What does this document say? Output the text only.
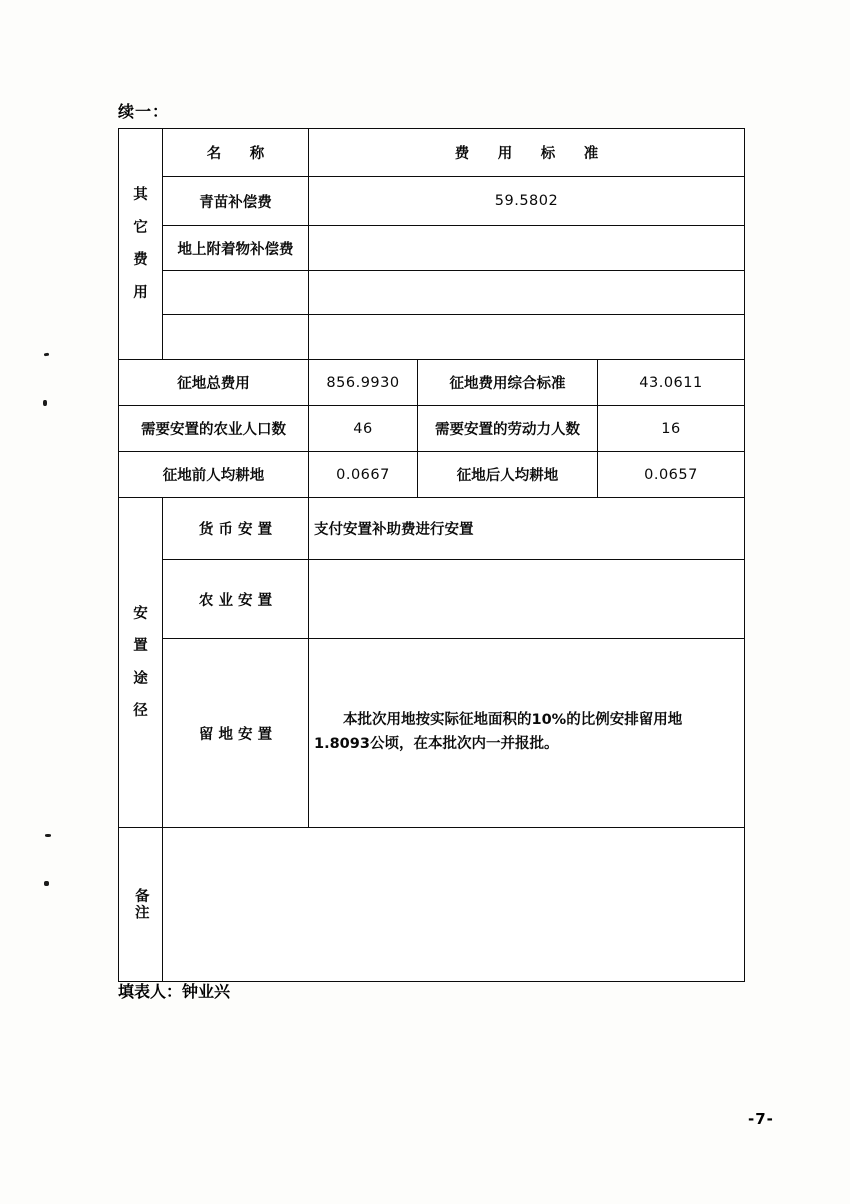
续一：
其
它
费
用	名　称	费　用　标　准		
	青苗补偿费	59.5802		
	地上附着物补偿费			

征地总费用		856.9930	征地费用综合标准	43.0611
需要安置的农业人口数		46	需要安置的劳动力人数	16
征地前人均耕地		0.0667	征地后人均耕地	0.0657

安
置
途
径	货 币 安 置	支付安置补助费进行安置		
	农 业 安 置			
	留 地 安 置	本批次用地按实际征地面积的10%的比例安排留用地1.8093公顷，在本批次内一并报批。		

备注				

填表人：钟业兴
-7-
